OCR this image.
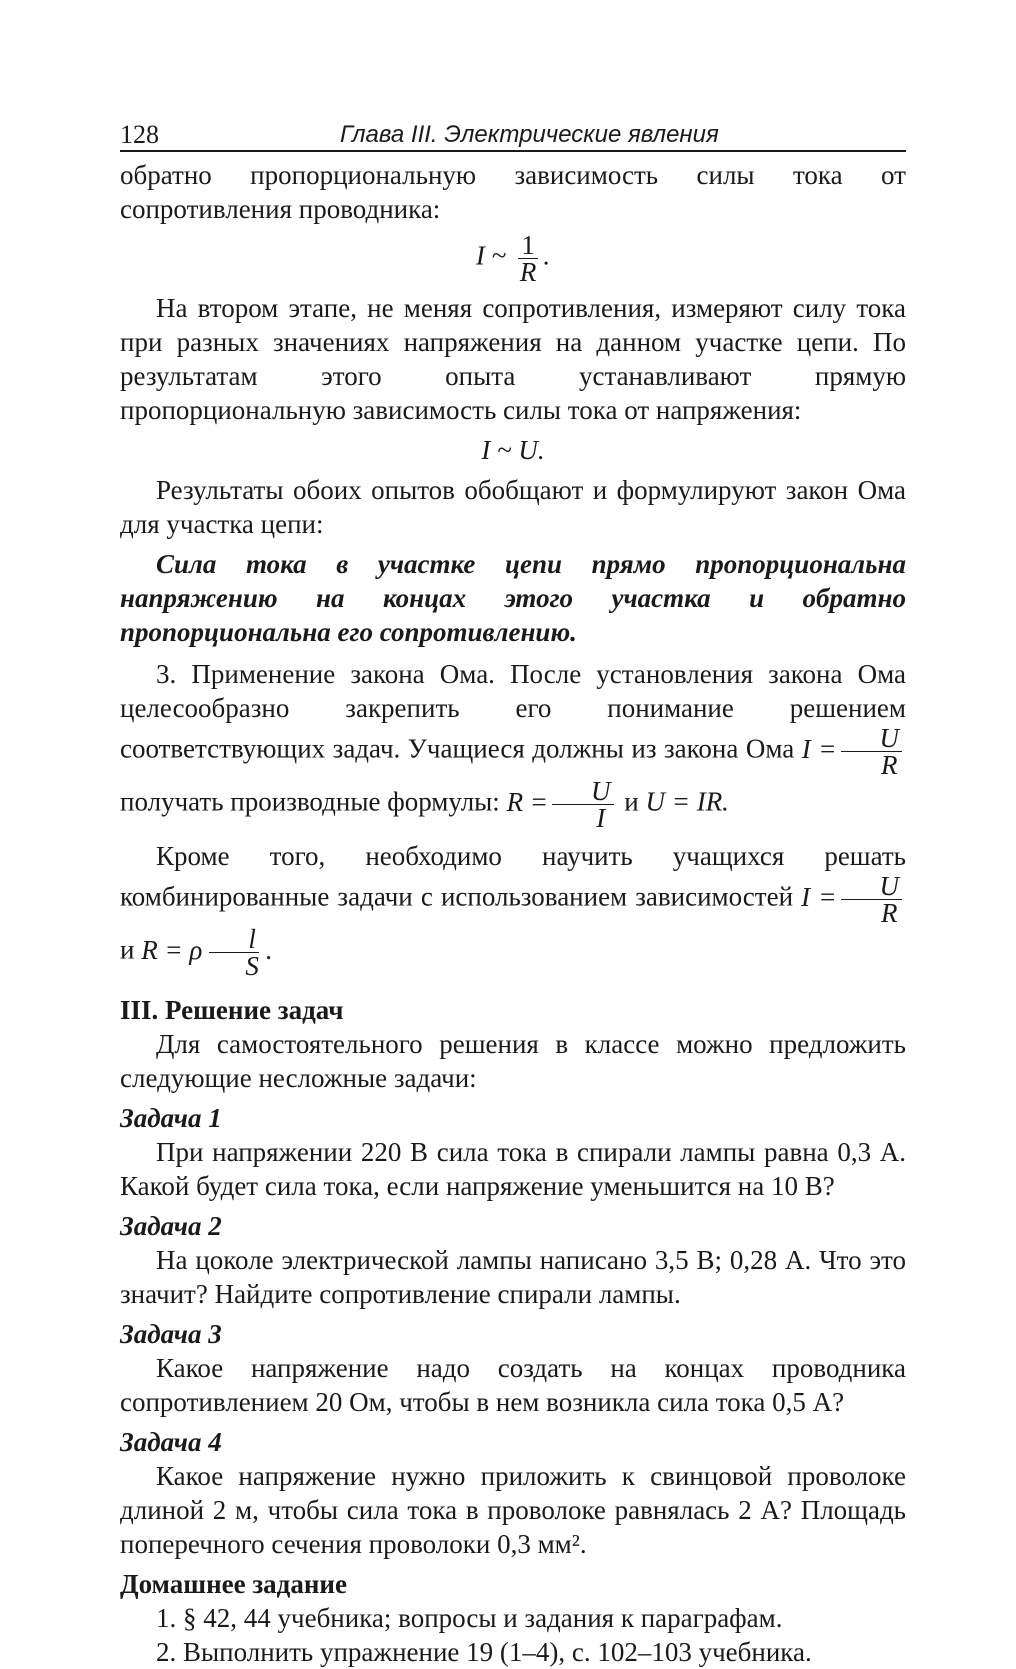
128	Глава III. Электрические явления

обратно пропорциональную зависимость силы тока от сопротивления проводника:

I ~ $\frac{1}{R}$ .

На втором этапе, не меняя сопротивления, измеряют силу тока при разных значениях напряжения на данном участке цепи. По результатам этого опыта устанавливают прямую пропорциональную зависимость силы тока от напряжения:

I ~ U.

Результаты обоих опытов обобщают и формулируют закон Ома для участка цепи:

Сила тока в участке цепи прямо пропорциональна напряжению на концах этого участка и обратно пропорциональна его сопротивлению.

3. Применение закона Ома. После установления закона Ома целесообразно закрепить его понимание решением соответствующих задач. Учащиеся должны из закона Ома $I = \frac{U}{R}$
получать производные формулы: $R = \frac{U}{I}$ и U = IR.

Кроме того, необходимо научить учащихся решать комбинированные задачи с использованием зависимостей $I = \frac{U}{R}$
и R = ρ $\frac{l}{S}$ .

III. Решение задач

Для самостоятельного решения в классе можно предложить следующие несложные задачи:

Задача 1

При напряжении 220 В сила тока в спирали лампы равна 0,3 А. Какой будет сила тока, если напряжение уменьшится на 10 В?

Задача 2

На цоколе электрической лампы написано 3,5 В; 0,28 А. Что это значит? Найдите сопротивление спирали лампы.

Задача 3

Какое напряжение надо создать на концах проводника сопротивлением 20 Ом, чтобы в нем возникла сила тока 0,5 А?

Задача 4

Какое напряжение нужно приложить к свинцовой проволоке длиной 2 м, чтобы сила тока в проволоке равнялась 2 А? Площадь поперечного сечения проволоки 0,3 мм².

Домашнее задание

1. § 42, 44 учебника; вопросы и задания к параграфам.

2. Выполнить упражнение 19 (1–4), с. 102–103 учебника.
